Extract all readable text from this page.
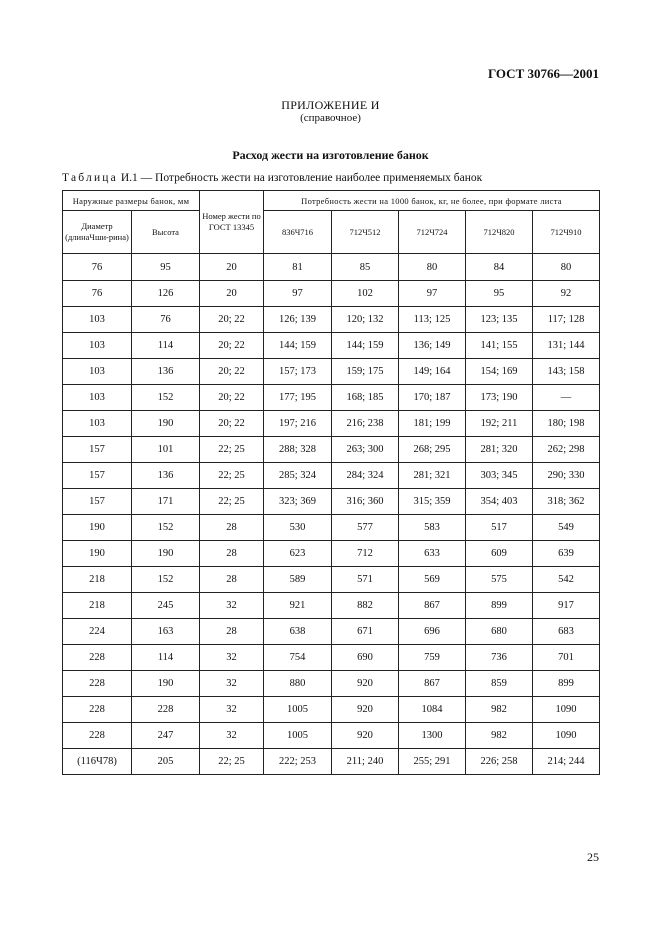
ГОСТ 30766—2001
ПРИЛОЖЕНИЕ И
(справочное)
Расход жести на изготовление банок
Таблица И.1 — Потребность жести на изготовление наиболее применяемых банок
Наружные размеры банок, мм		Номер жести по ГОСТ 13345	Потребность жести на 1000 банок, кг, не более, при формате листа				
Диаметр (длинаЧши-рина)	Высота		836Ч716	712Ч512	712Ч724	712Ч820	712Ч910
76	95	20	81	85	80	84	80
76	126	20	97	102	97	95	92
103	76	20; 22	126; 139	120; 132	113; 125	123; 135	117; 128
103	114	20; 22	144; 159	144; 159	136; 149	141; 155	131; 144
103	136	20; 22	157; 173	159; 175	149; 164	154; 169	143; 158
103	152	20; 22	177; 195	168; 185	170; 187	173; 190	—
103	190	20; 22	197; 216	216; 238	181; 199	192; 211	180; 198
157	101	22; 25	288; 328	263; 300	268; 295	281; 320	262; 298
157	136	22; 25	285; 324	284; 324	281; 321	303; 345	290; 330
157	171	22; 25	323; 369	316; 360	315; 359	354; 403	318; 362
190	152	28	530	577	583	517	549
190	190	28	623	712	633	609	639
218	152	28	589	571	569	575	542
218	245	32	921	882	867	899	917
224	163	28	638	671	696	680	683
228	114	32	754	690	759	736	701
228	190	32	880	920	867	859	899
228	228	32	1005	920	1084	982	1090
228	247	32	1005	920	1300	982	1090
(116Ч78)	205	22; 25	222; 253	211; 240	255; 291	226; 258	214; 244
25
